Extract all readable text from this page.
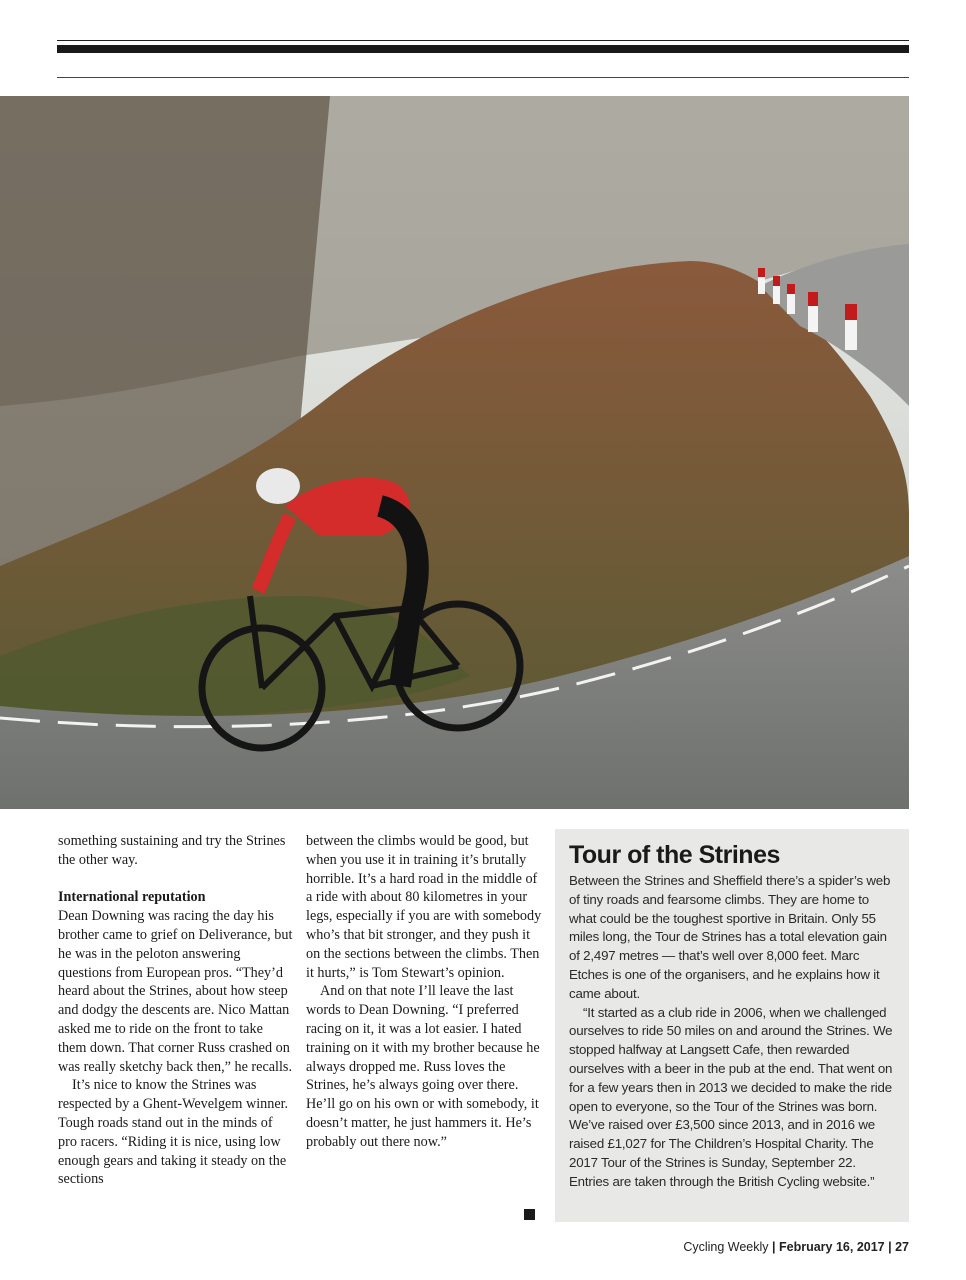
something sustaining and try the Strines the other way.

International reputation

Dean Downing was racing the day his brother came to grief on Deliverance, but he was in the peloton answering questions from European pros. “They’d heard about the Strines, about how steep and dodgy the descents are. Nico Mattan asked me to ride on the front to take them down. That corner Russ crashed on was really sketchy back then,” he recalls.

It’s nice to know the Strines was respected by a Ghent-Wevelgem winner. Tough roads stand out in the minds of pro racers. “Riding it is nice, using low enough gears and taking it steady on the sections

between the climbs would be good, but when you use it in training it’s brutally horrible. It’s a hard road in the middle of a ride with about 80 kilometres in your legs, especially if you are with somebody who’s that bit stronger, and they push it on the sections between the climbs. Then it hurts,” is Tom Stewart’s opinion.

And on that note I’ll leave the last words to Dean Downing. “I preferred racing on it, it was a lot easier. I hated training on it with my brother because he always dropped me. Russ loves the Strines, he’s always going over there. He’ll go on his own or with somebody, it doesn’t matter, he just hammers it. He’s probably out there now.”

Tour of the Strines

Between the Strines and Sheffield there’s a spider’s web of tiny roads and fearsome climbs. They are home to what could be the toughest sportive in Britain. Only 55 miles long, the Tour de Strines has a total elevation gain of 2,497 metres — that’s well over 8,000 feet. Marc Etches is one of the organisers, and he explains how it came about.

“It started as a club ride in 2006, when we challenged ourselves to ride 50 miles on and around the Strines. We stopped halfway at Langsett Cafe, then rewarded ourselves with a beer in the pub at the end. That went on for a few years then in 2013 we decided to make the ride open to everyone, so the Tour of the Strines was born. We’ve raised over £3,500 since 2013, and in 2016 we raised £1,027 for The Children’s Hospital Charity. The 2017 Tour of the Strines is Sunday, September 22. Entries are taken through the British Cycling website.”

Cycling Weekly | February 16, 2017 | 27
